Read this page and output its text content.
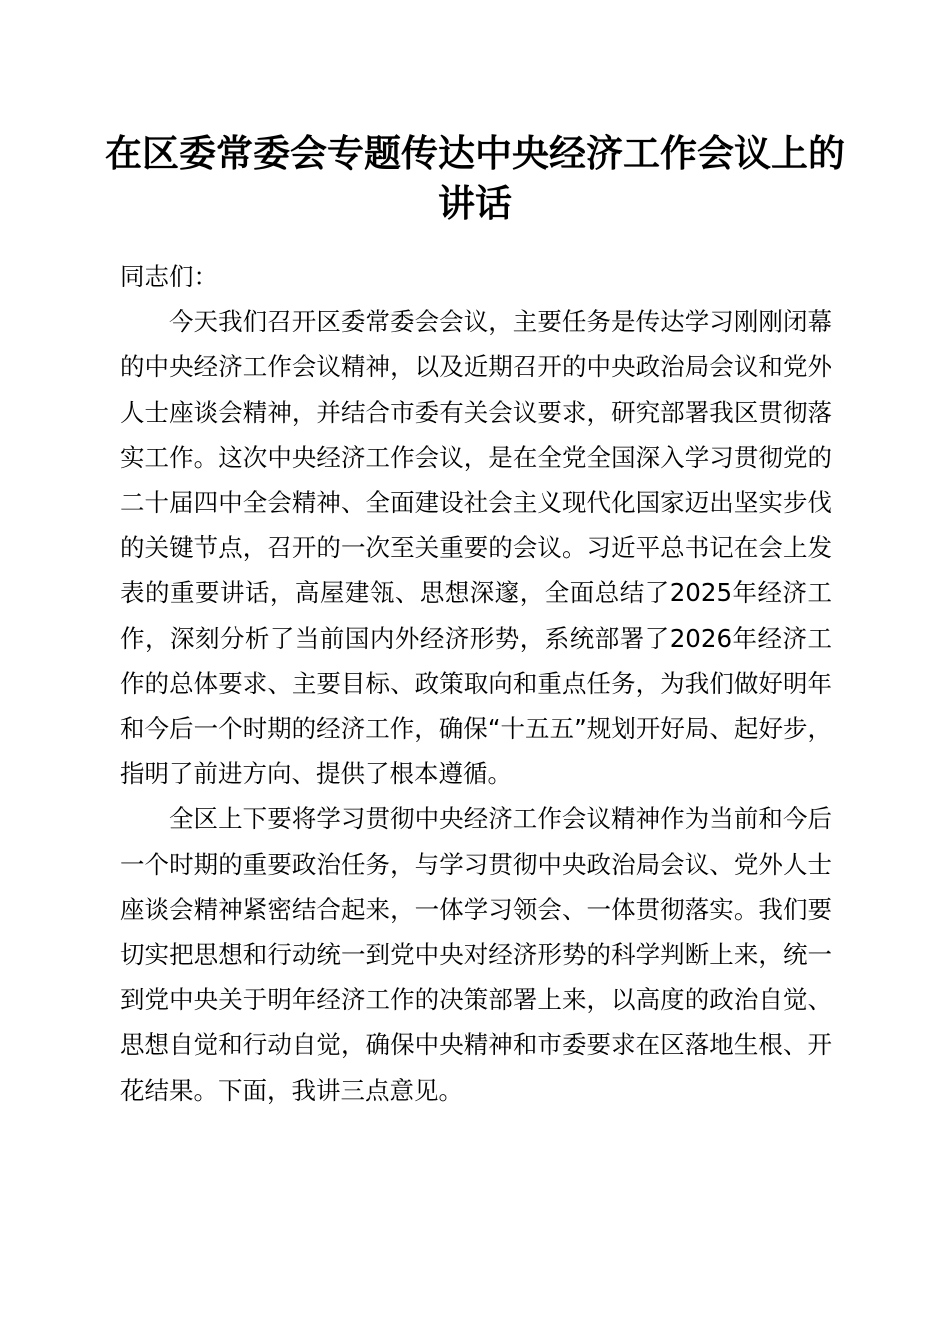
在区委常委会专题传达中央经济工作会议上的讲话

同志们：

今天我们召开区委常委会会议，主要任务是传达学习刚刚闭幕的中央经济工作会议精神，以及近期召开的中央政治局会议和党外人士座谈会精神，并结合市委有关会议要求，研究部署我区贯彻落实工作。这次中央经济工作会议，是在全党全国深入学习贯彻党的二十届四中全会精神、全面建设社会主义现代化国家迈出坚实步伐的关键节点，召开的一次至关重要的会议。习近平总书记在会上发表的重要讲话，高屋建瓴、思想深邃，全面总结了2025年经济工作，深刻分析了当前国内外经济形势，系统部署了2026年经济工作的总体要求、主要目标、政策取向和重点任务，为我们做好明年和今后一个时期的经济工作，确保“十五五”规划开好局、起好步，指明了前进方向、提供了根本遵循。

全区上下要将学习贯彻中央经济工作会议精神作为当前和今后一个时期的重要政治任务，与学习贯彻中央政治局会议、党外人士座谈会精神紧密结合起来，一体学习领会、一体贯彻落实。我们要切实把思想和行动统一到党中央对经济形势的科学判断上来，统一到党中央关于明年经济工作的决策部署上来，以高度的政治自觉、思想自觉和行动自觉，确保中央精神和市委要求在区落地生根、开花结果。下面，我讲三点意见。
